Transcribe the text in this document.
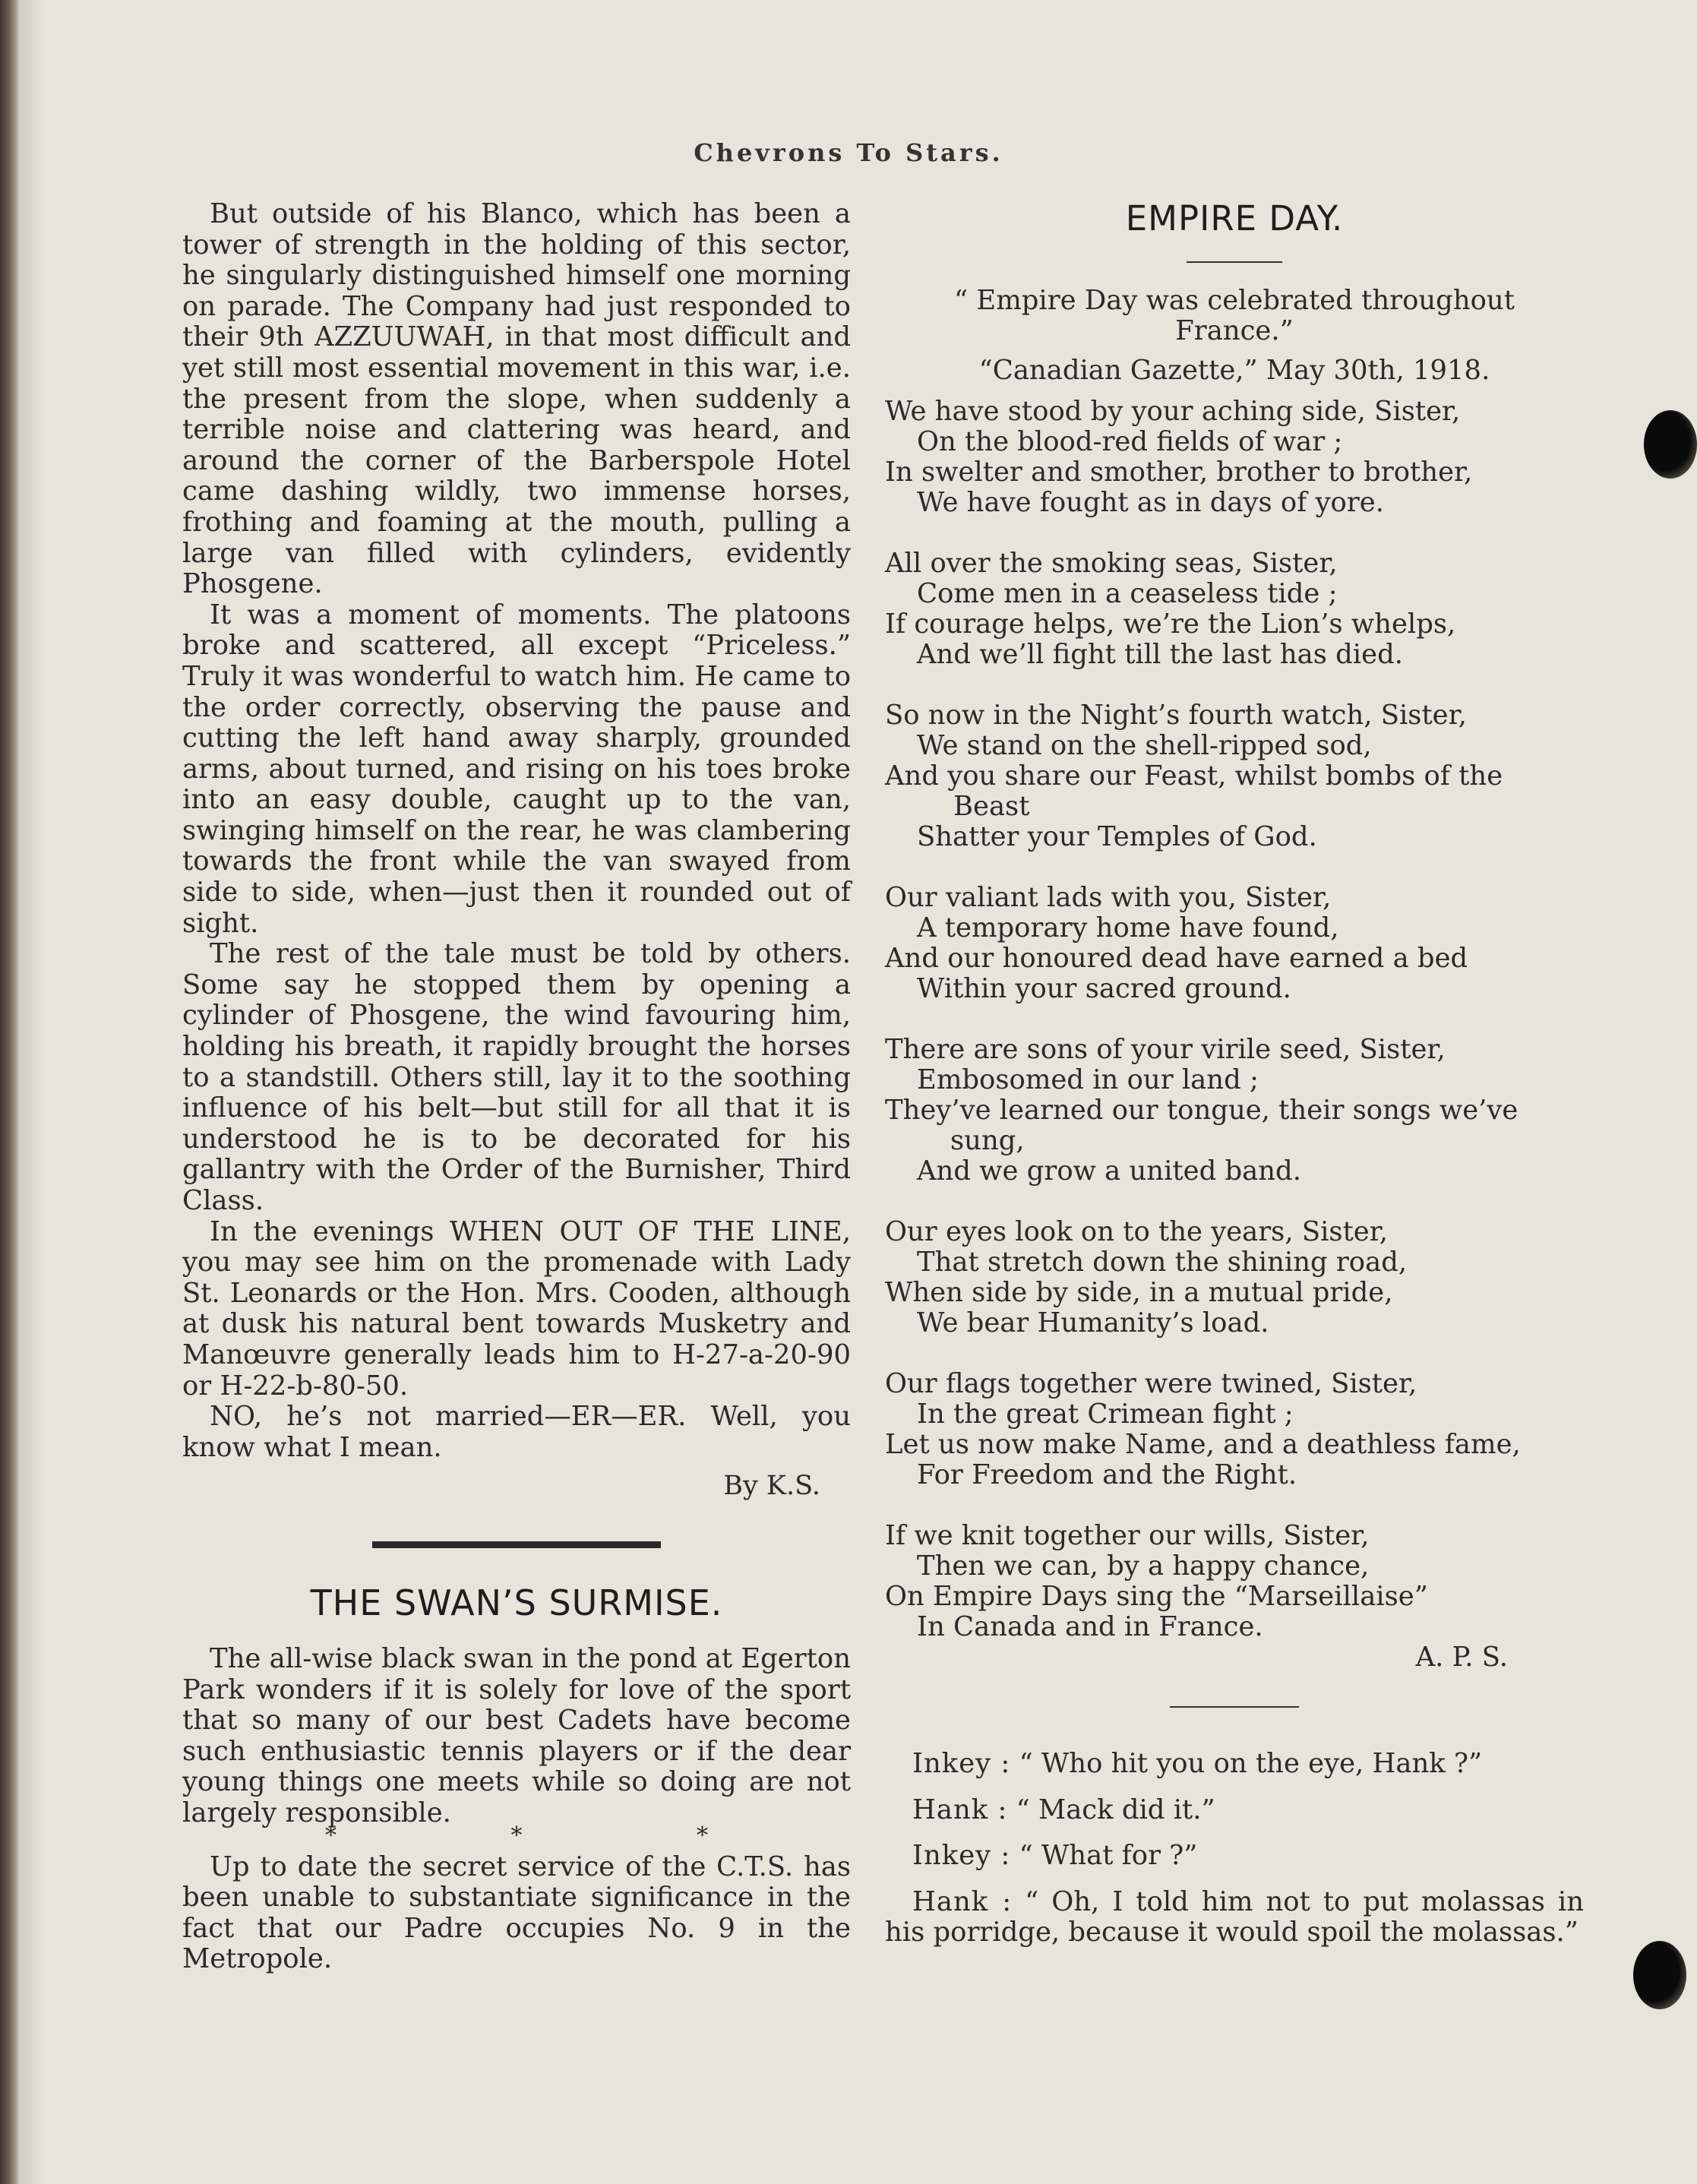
Chevrons To Stars.

But outside of his Blanco, which has been a tower of strength in the holding of this sector, he singularly distinguished himself one morning on parade. The Company had just responded to their 9th AZZUUWAH, in that most difficult and yet still most essential movement in this war, i.e. the present from the slope, when suddenly a terrible noise and clattering was heard, and around the corner of the Barberspole Hotel came dashing wildly, two immense horses, frothing and foaming at the mouth, pulling a large van filled with cylinders, evidently Phosgene.

It was a moment of moments. The platoons broke and scattered, all except “Priceless.” Truly it was wonderful to watch him. He came to the order correctly, observing the pause and cutting the left hand away sharply, grounded arms, about turned, and rising on his toes broke into an easy double, caught up to the van, swinging himself on the rear, he was clambering towards the front while the van swayed from side to side, when—just then it rounded out of sight.

The rest of the tale must be told by others. Some say he stopped them by opening a cylinder of Phosgene, the wind favouring him, holding his breath, it rapidly brought the horses to a standstill. Others still, lay it to the soothing influence of his belt—but still for all that it is understood he is to be decorated for his gallantry with the Order of the Burnisher, Third Class.

In the evenings WHEN OUT OF THE LINE, you may see him on the promenade with Lady St. Leonards or the Hon. Mrs. Cooden, although at dusk his natural bent towards Musketry and Manœuvre generally leads him to H-27-a-20-90 or H-22-b-80-50.

NO, he’s not married—ER—ER. Well, you know what I mean.

By K.S.

THE SWAN’S SURMISE.

The all-wise black swan in the pond at Egerton Park wonders if it is solely for love of the sport that so many of our best Cadets have become such enthusiastic tennis players or if the dear young things one meets while so doing are not largely responsible.

* * *

Up to date the secret service of the C.T.S. has been unable to substantiate significance in the fact that our Padre occupies No. 9 in the Metropole.

EMPIRE DAY.
“ Empire Day was celebrated throughout
France.”
“Canadian Gazette,” May 30th, 1918.
We have stood by your aching side, Sister,
On the blood-red fields of war ;
In swelter and smother, brother to brother,
We have fought as in days of yore.
All over the smoking seas, Sister,
Come men in a ceaseless tide ;
If courage helps, we’re the Lion’s whelps,
And we’ll fight till the last has died.
So now in the Night’s fourth watch, Sister,
We stand on the shell-ripped sod,
And you share our Feast, whilst bombs of the
Beast
Shatter your Temples of God.
Our valiant lads with you, Sister,
A temporary home have found,
And our honoured dead have earned a bed
Within your sacred ground.
There are sons of your virile seed, Sister,
Embosomed in our land ;
They’ve learned our tongue, their songs we’ve
sung,
And we grow a united band.
Our eyes look on to the years, Sister,
That stretch down the shining road,
When side by side, in a mutual pride,
We bear Humanity’s load.
Our flags together were twined, Sister,
In the great Crimean fight ;
Let us now make Name, and a deathless fame,
For Freedom and the Right.
If we knit together our wills, Sister,
Then we can, by a happy chance,
On Empire Days sing the “Marseillaise”
In Canada and in France.
A. P. S.

Inkey : “ Who hit you on the eye, Hank ?”

Hank : “ Mack did it.”

Inkey : “ What for ?”

Hank : “ Oh, I told him not to put molassas in his porridge, because it would spoil the molassas.”
